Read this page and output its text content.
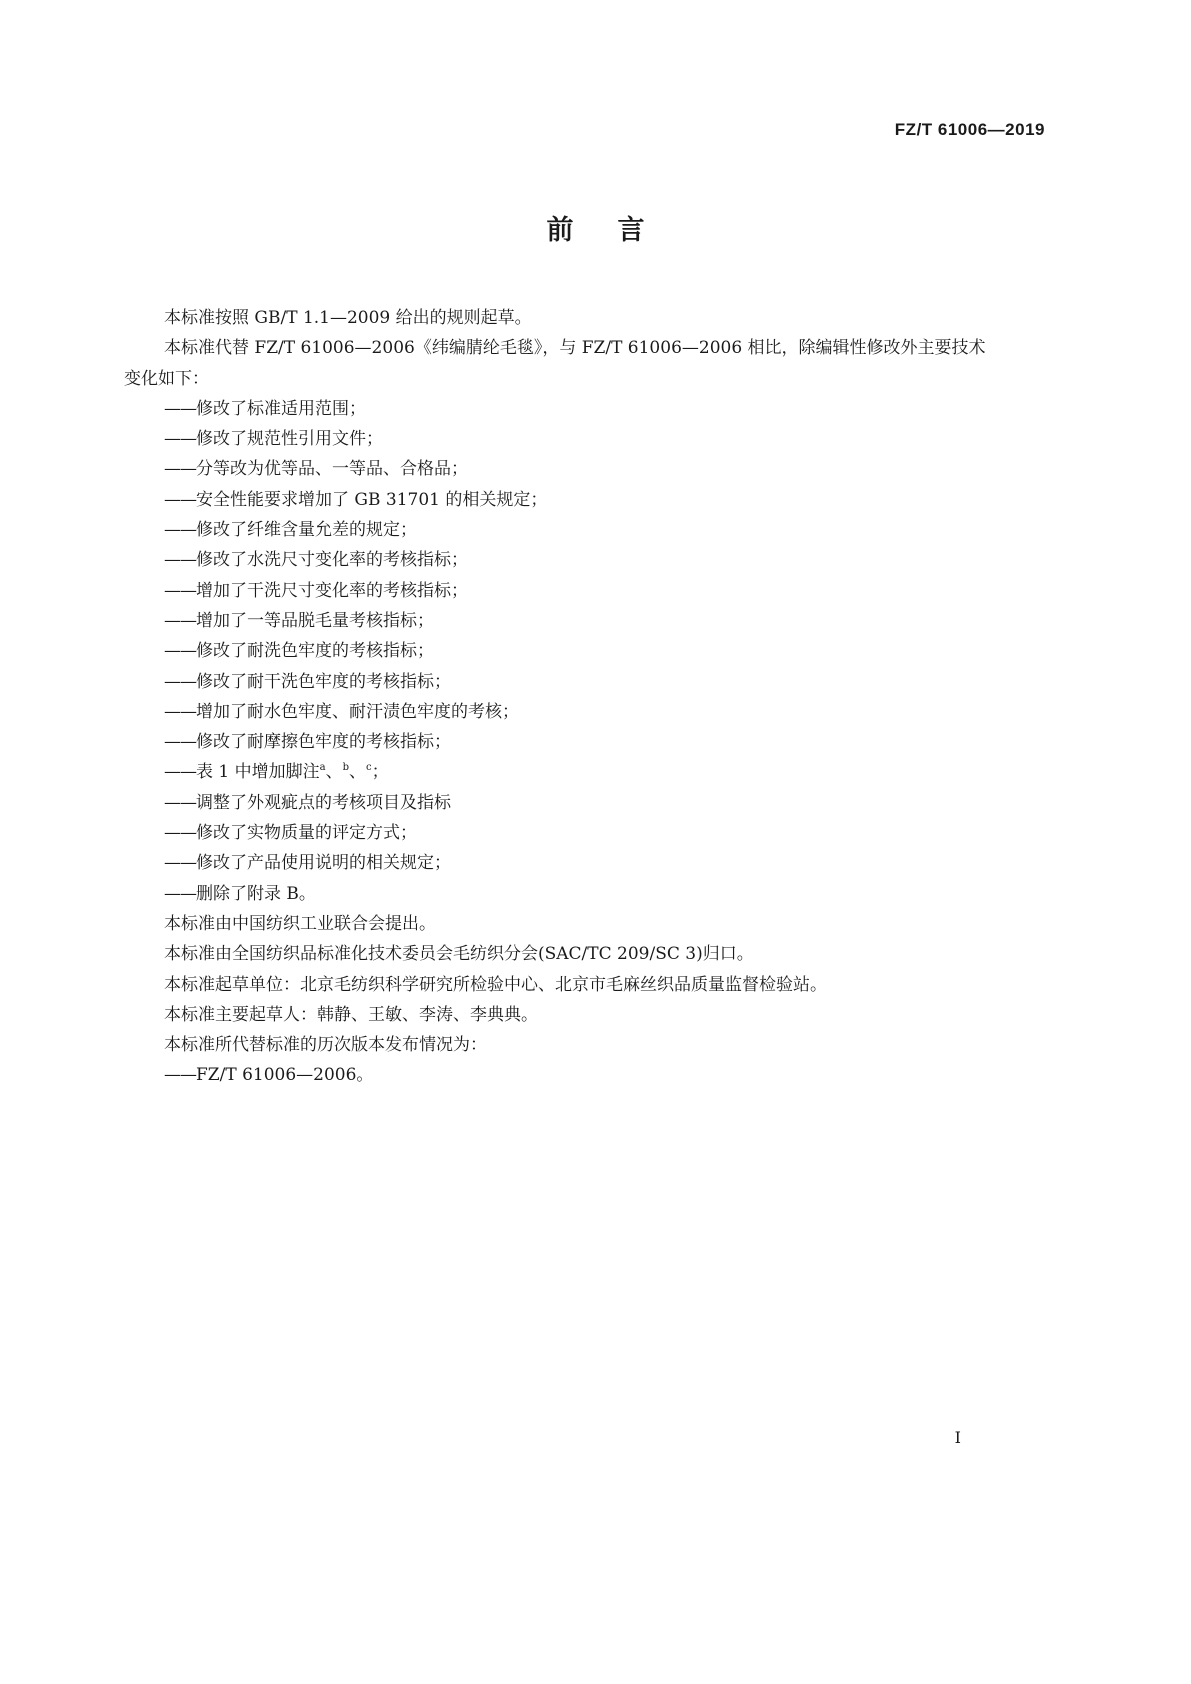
FZ/T 61006—2019
前言

本标准按照 GB/T 1.1—2009 给出的规则起草。

本标准代替 FZ/T 61006—2006《纬编腈纶毛毯》，与 FZ/T 61006—2006 相比，除编辑性修改外主要技术变化如下：

——修改了标准适用范围；
——修改了规范性引用文件；
——分等改为优等品、一等品、合格品；
——安全性能要求增加了 GB 31701 的相关规定；
——修改了纤维含量允差的规定；
——修改了水洗尺寸变化率的考核指标；
——增加了干洗尺寸变化率的考核指标；
——增加了一等品脱毛量考核指标；
——修改了耐洗色牢度的考核指标；
——修改了耐干洗色牢度的考核指标；
——增加了耐水色牢度、耐汗渍色牢度的考核；
——修改了耐摩擦色牢度的考核指标；
——表 1 中增加脚注$^a$、$^b$、$^c$；
——调整了外观疵点的考核项目及指标
——修改了实物质量的评定方式；
——修改了产品使用说明的相关规定；
——删除了附录 B。

本标准由中国纺织工业联合会提出。

本标准由全国纺织品标准化技术委员会毛纺织分会(SAC/TC 209/SC 3)归口。

本标准起草单位：北京毛纺织科学研究所检验中心、北京市毛麻丝织品质量监督检验站。

本标准主要起草人：韩静、王敏、李涛、李典典。

本标准所代替标准的历次版本发布情况为：

——FZ/T 61006—2006。
I
